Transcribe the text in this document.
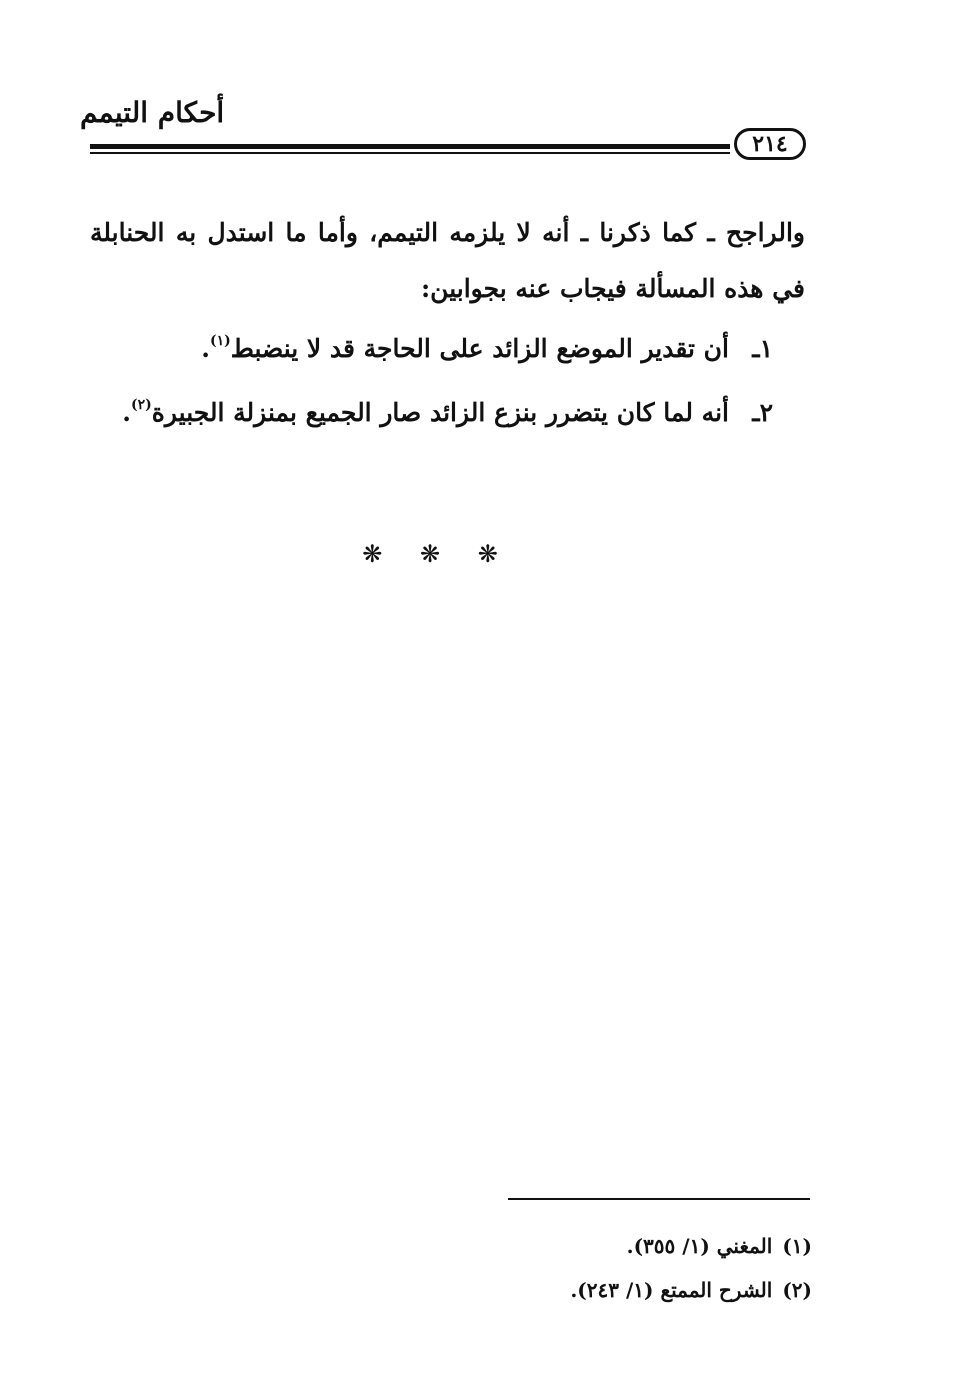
أحكام التيمم
٢١٤

والراجح ـ كما ذكرنا ـ أنه لا يلزمه التيمم، وأما ما استدل به الحنابلة في هذه المسألة فيجاب عنه بجوابين:

١ـأن تقدير الموضع الزائد على الحاجة قد لا ينضبط$^{(١)}$.
٢ـأنه لما كان يتضرر بنزع الزائد صار الجميع بمنزلة الجبيرة$^{(٢)}$.
❋ ❋ ❋

(١)المغني (١/ ٣٥٥).

(٢)الشرح الممتع (١/ ٢٤٣).
